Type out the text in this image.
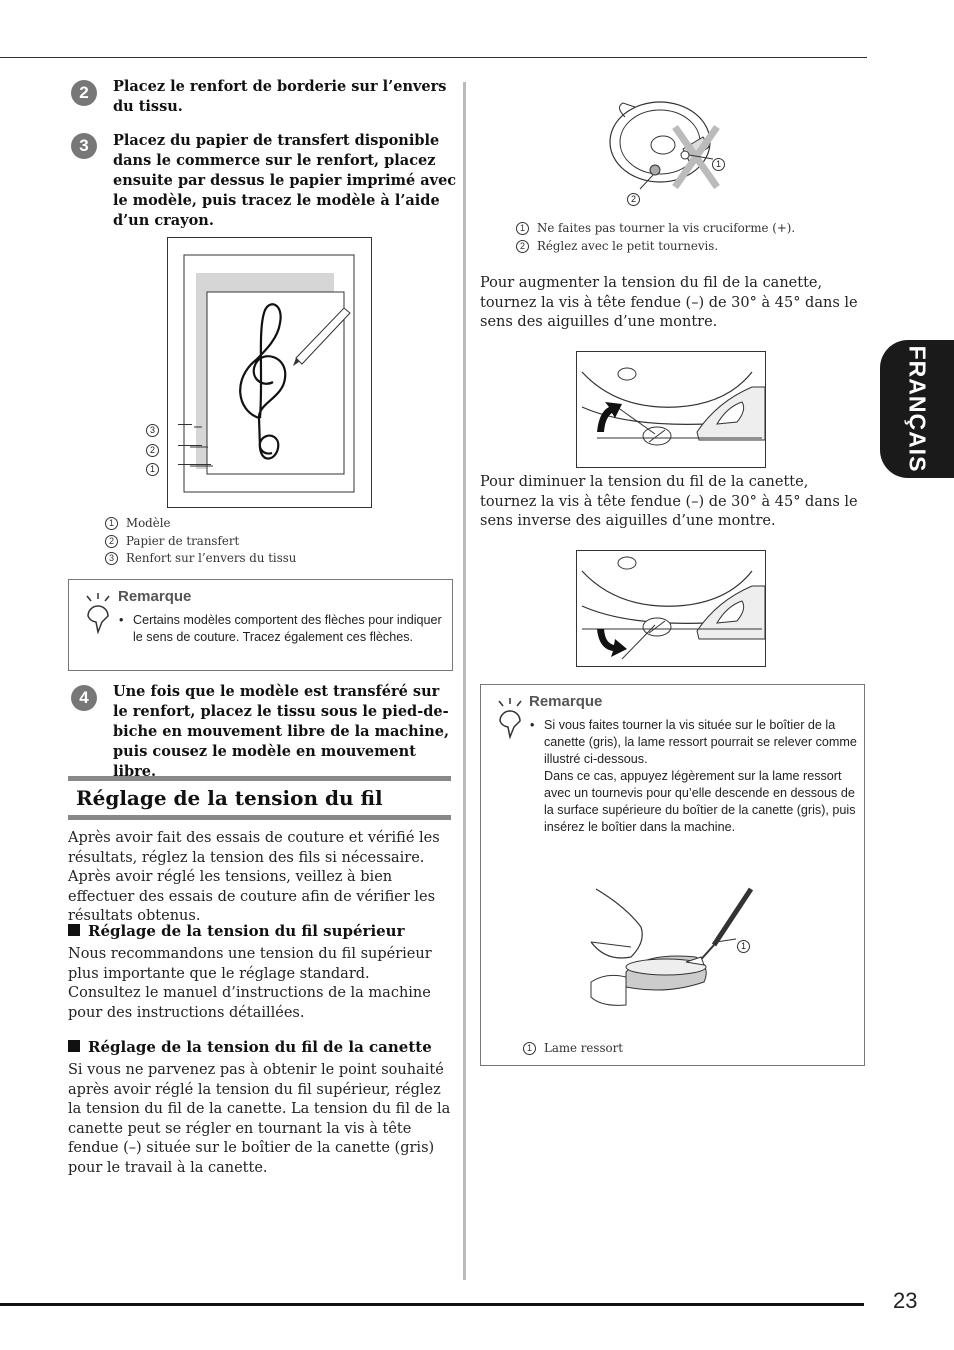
23
FRANÇAIS
2	Placez le renfort de borderie sur l’envers du tissu.
3	Placez du papier de transfert disponible dans le commerce sur le renfort, placez ensuite par dessus le papier imprimé avec le modèle, puis tracez le modèle à l’aide d’un crayon.
3
2
1
1 Modèle
2 Papier de transfert
3 Renfort sur l’envers du tissu
Remarque
• Certains modèles comportent des flèches pour indiquer le sens de couture. Tracez également ces flèches.
4	Une fois que le modèle est transféré sur le renfort, placez le tissu sous le pied-de-biche en mouvement libre de la machine, puis cousez le modèle en mouvement libre.
Réglage de la tension du fil
Après avoir fait des essais de couture et vérifié les résultats, réglez la tension des fils si nécessaire. Après avoir réglé les tensions, veillez à bien effectuer des essais de couture afin de vérifier les résultats obtenus.
Réglage de la tension du fil supérieur
Nous recommandons une tension du fil supérieur plus importante que le réglage standard.
Consultez le manuel d’instructions de la machine pour des instructions détaillées.
Réglage de la tension du fil de la canette
Si vous ne parvenez pas à obtenir le point souhaité après avoir réglé la tension du fil supérieur, réglez la tension du fil de la canette. La tension du fil de la canette peut se régler en tournant la vis à tête fendue (–) située sur le boîtier de la canette (gris) pour le travail à la canette.
1
2
1 Ne faites pas tourner la vis cruciforme (+).
2 Réglez avec le petit tournevis.
Pour augmenter la tension du fil de la canette, tournez la vis à tête fendue (–) de 30° à 45° dans le sens des aiguilles d’une montre.
Pour diminuer la tension du fil de la canette, tournez la vis à tête fendue (–) de 30° à 45° dans le sens inverse des aiguilles d’une montre.
Remarque
• Si vous faites tourner la vis située sur le boîtier de la canette (gris), la lame ressort pourrait se relever comme illustré ci-dessous.
Dans ce cas, appuyez légèrement sur la lame ressort avec un tournevis pour qu’elle descende en dessous de la surface supérieure du boîtier de la canette (gris), puis insérez le boîtier dans la machine.
1
1 Lame ressort
